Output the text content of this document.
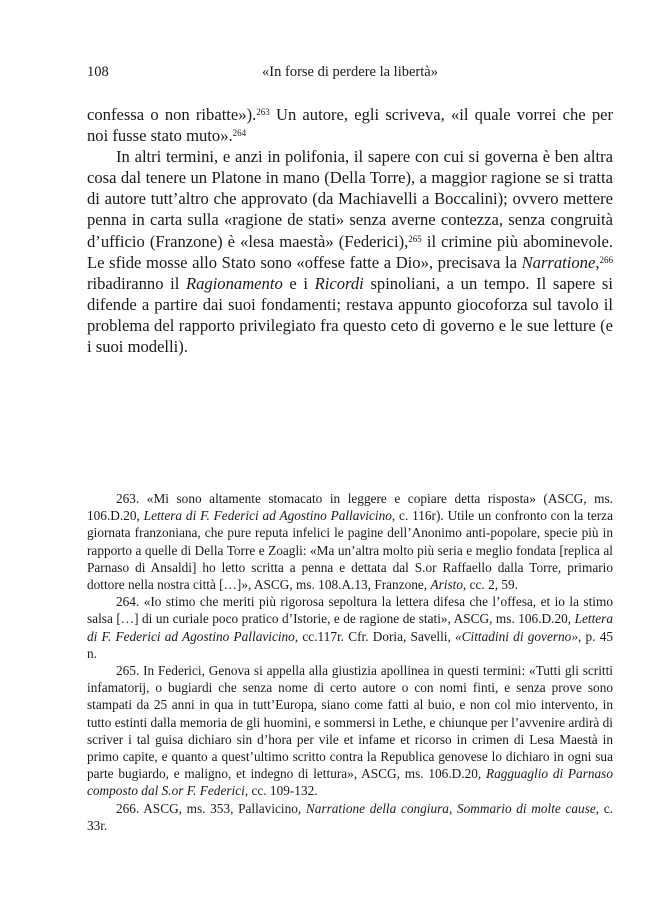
108	«In forse di perdere la libertà»

confessa o non ribatte»).$^{263}$ Un autore, egli scriveva, «il quale vorrei che per noi fusse stato muto».$^{264}$

In altri termini, e anzi in polifonia, il sapere con cui si governa è ben altra cosa dal tenere un Platone in mano (Della Torre), a maggior ragione se si tratta di autore tutt’altro che approvato (da Machiavelli a Boccalini); ovvero mettere penna in carta sulla «ragione de stati» senza averne contezza, senza congruità d’ufficio (Franzone) è «lesa maestà» (Federici),$^{265}$ il crimine più abominevole. Le sfide mosse allo Stato sono «offese fatte a Dio», precisava la Narratione,$^{266}$ ribadiranno il Ragionamento e i Ricordi spinoliani, a un tempo. Il sapere si difende a partire dai suoi fondamenti; restava appunto giocoforza sul tavolo il problema del rapporto privilegiato fra questo ceto di governo e le sue letture (e i suoi modelli).

263. «Mi sono altamente stomacato in leggere e copiare detta risposta» (ASCG, ms. 106.D.20, Lettera di F. Federici ad Agostino Pallavicino, c. 116r). Utile un confronto con la terza giornata franzoniana, che pure reputa infelici le pagine dell’Anonimo anti-popolare, specie più in rapporto a quelle di Della Torre e Zoagli: «Ma un’altra molto più seria e meglio fondata [replica al Parnaso di Ansaldi] ho letto scritta a penna e dettata dal S.or Raffaello dalla Torre, primario dottore nella nostra città […]», ASCG, ms. 108.A.13, Franzone, Aristo, cc. 2, 59.

264. «Io stimo che meriti più rigorosa sepoltura la lettera difesa che l’offesa, et io la stimo salsa […] di un curiale poco pratico d’Istorie, e de ragione de stati», ASCG, ms. 106.D.20, Lettera di F. Federici ad Agostino Pallavicino, cc.117r. Cfr. Doria, Savelli, «Cittadini di governo», p. 45 n.

265. In Federici, Genova si appella alla giustizia apollinea in questi termini: «Tutti gli scritti infamatorij, o bugiardi che senza nome di certo autore o con nomi finti, e senza prove sono stampati da 25 anni in qua in tutt’Europa, siano come fatti al buio, e non col mio intervento, in tutto estinti dalla memoria de gli huomini, e sommersi in Lethe, e chiunque per l’avvenire ardirà di scriver i tal guisa dichiaro sin d’hora per vile et infame et ricorso in crimen di Lesa Maestà in primo capite, e quanto a quest’ultimo scritto contra la Republica genovese lo dichiaro in ogni sua parte bugiardo, e maligno, et indegno di lettura», ASCG, ms. 106.D.20, Ragguaglio di Parnaso composto dal S.or F. Federici, cc. 109-132.

266. ASCG, ms. 353, Pallavicino, Narratione della congiura, Sommario di molte cause, c. 33r.
